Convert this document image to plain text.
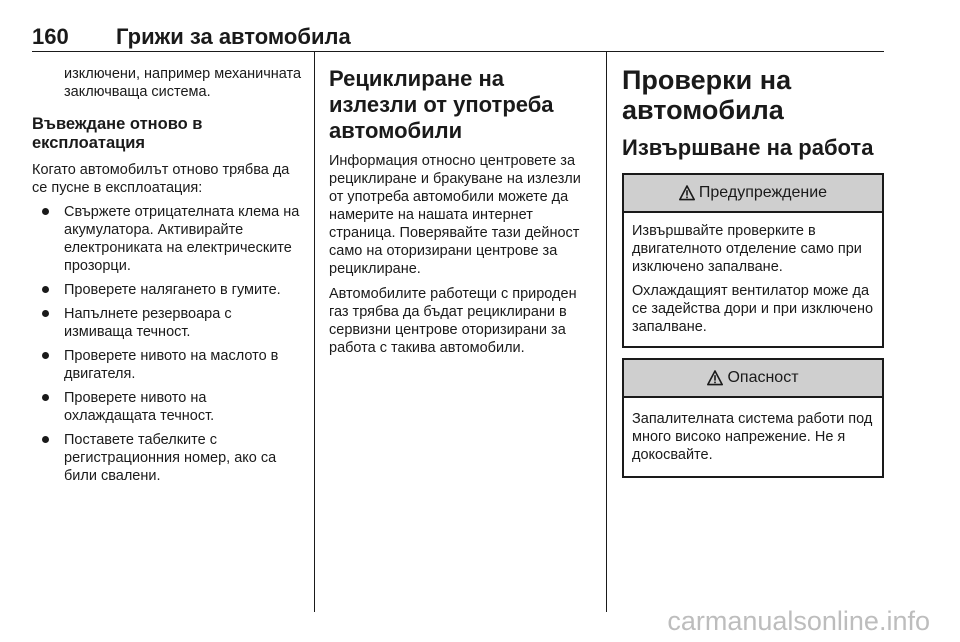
160 Грижи за автомобила

изключени, например механичната заключваща система.

Въвеждане отново в експлоатация

Когато автомобилът отново трябва да се пусне в експлоатация:

Свържете отрицателната клема на акумулатора. Активирайте електрониката на електрическите прозорци.
Проверете налягането в гумите.
Напълнете резервоара с измиваща течност.
Проверете нивото на маслото в двигателя.
Проверете нивото на охлаждащата течност.
Поставете табелките с регистрационния номер, ако са били свалени.
Рециклиране на излезли от употреба автомобили

Информация относно центровете за рециклиране и бракуване на излезли от употреба автомобили можете да намерите на нашата интернет страница. Поверявайте тази дейност само на оторизирани центрове за рециклиране.

Автомобилите работещи с природен газ трябва да бъдат рециклирани в сервизни центрове оторизирани за работа с такива автомобили.

Проверки на автомобила
Извършване на работа
Предупреждение

Извършвайте проверките в двигателното отделение само при изключено запалване.

Охлаждащият вентилатор може да се задейства дори и при изключено запалване.

Опасност

Запалителната система работи под много високо напрежение. Не я докосвайте.

carmanualsonline.info
